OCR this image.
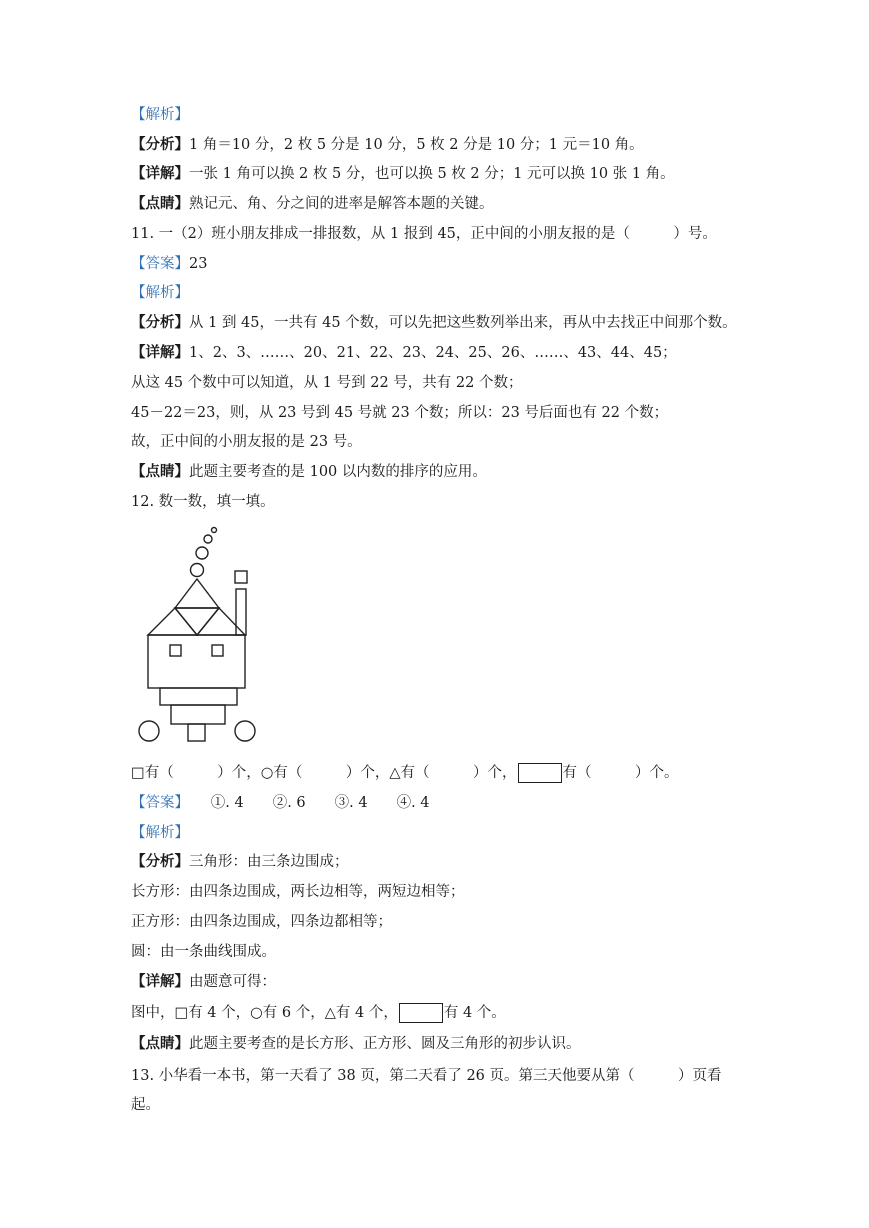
【解析】
【分析】1 角＝10 分，2 枚 5 分是 10 分，5 枚 2 分是 10 分；1 元＝10 角。
【详解】一张 1 角可以换 2 枚 5 分，也可以换 5 枚 2 分；1 元可以换 10 张 1 角。
【点睛】熟记元、角、分之间的进率是解答本题的关键。
11. 一（2）班小朋友排成一排报数，从 1 报到 45，正中间的小朋友报的是（　　　）号。
【答案】23
【解析】
【分析】从 1 到 45，一共有 45 个数，可以先把这些数列举出来，再从中去找正中间那个数。
【详解】1、2、3、……、20、21、22、23、24、25、26、……、43、44、45；
从这 45 个数中可以知道，从 1 号到 22 号，共有 22 个数；
45－22＝23，则，从 23 号到 45 号就 23 个数；所以：23 号后面也有 22 个数；
故，正中间的小朋友报的是 23 号。
【点睛】此题主要考查的是 100 以内数的排序的应用。
12. 数一数，填一填。
□有（　　　）个，○有（　　　）个，△有（　　　）个，	有（　　　）个。
【答案】　　①. 4　　②. 6　　③. 4　　④. 4
【解析】
【分析】三角形：由三条边围成；
长方形：由四条边围成，两长边相等，两短边相等；
正方形：由四条边围成，四条边都相等；
圆：由一条曲线围成。
【详解】由题意可得：
图中，□有 4 个，○有 6 个，△有 4 个，	有 4 个。
【点睛】此题主要考查的是长方形、正方形、圆及三角形的初步认识。
13. 小华看一本书，第一天看了 38 页，第二天看了 26 页。第三天他要从第（　　　）页看
起。
